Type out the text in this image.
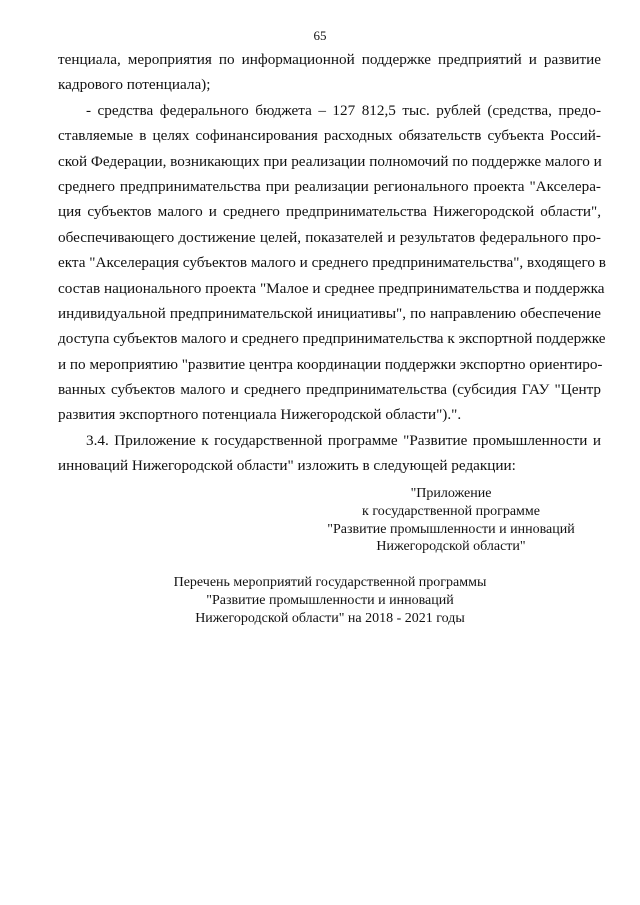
65
тенциала, мероприятия по информационной поддержке предприятий и развитие
кадрового потенциала);
- средства федерального бюджета – 127 812,5 тыс. рублей (средства, предо-
ставляемые в целях софинансирования расходных обязательств субъекта Россий-
ской Федерации, возникающих при реализации полномочий по поддержке малого и
среднего предпринимательства при реализации регионального проекта "Акселера-
ция субъектов малого и среднего предпринимательства Нижегородской области",
обеспечивающего достижение целей, показателей и результатов федерального про-
екта "Акселерация субъектов малого и среднего предпринимательства", входящего в
состав национального проекта "Малое и среднее предпринимательства и поддержка
индивидуальной предпринимательской инициативы", по направлению обеспечение
доступа субъектов малого и среднего предпринимательства к экспортной поддержке
и по мероприятию "развитие центра координации поддержки экспортно ориентиро-
ванных субъектов малого и среднего предпринимательства (субсидия ГАУ "Центр
развития экспортного потенциала Нижегородской области").".
3.4. Приложение к государственной программе "Развитие промышленности и
инноваций Нижегородской области" изложить в следующей редакции:
"Приложение
к государственной программе
"Развитие промышленности и инноваций
Нижегородской области"
Перечень мероприятий государственной программы
"Развитие промышленности и инноваций
Нижегородской области" на 2018 - 2021 годы
